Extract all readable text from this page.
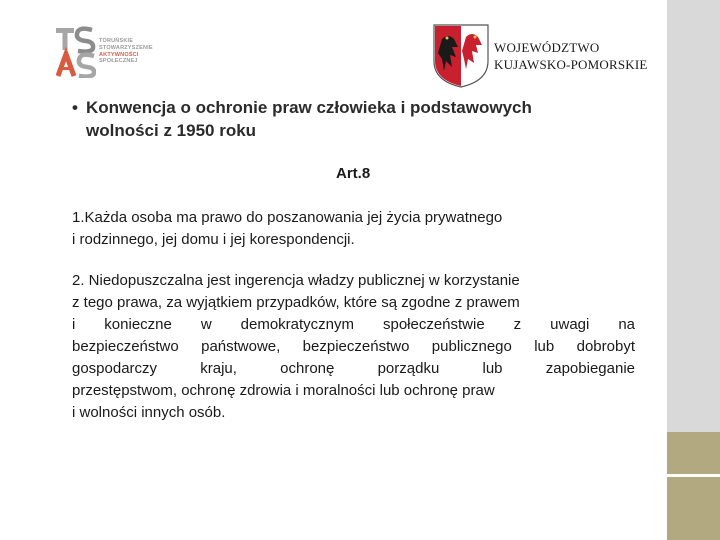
TORUŃSKIE
STOWARZYSZENIE
AKTYWNOŚCI
SPOŁECZNEJ
WOJEWÓDZTWO
KUJAWSKO-POMORSKIE
• Konwencja o ochronie praw człowieka i podstawowych
wolności z 1950 roku
Art.8
1.Każda osoba ma prawo do poszanowania jej życia prywatnego
i rodzinnego, jej domu i jej korespondencji.
2. Niedopuszczalna jest ingerencja władzy publicznej w korzystanie
z tego prawa, za wyjątkiem przypadków, które są zgodne z prawem
i konieczne w demokratycznym społeczeństwie z uwagi na
bezpieczeństwo państwowe, bezpieczeństwo publicznego lub dobrobyt
gospodarczy kraju, ochronę porządku lub zapobieganie
przestępstwom, ochronę zdrowia i moralności lub ochronę praw
i wolności innych osób.
